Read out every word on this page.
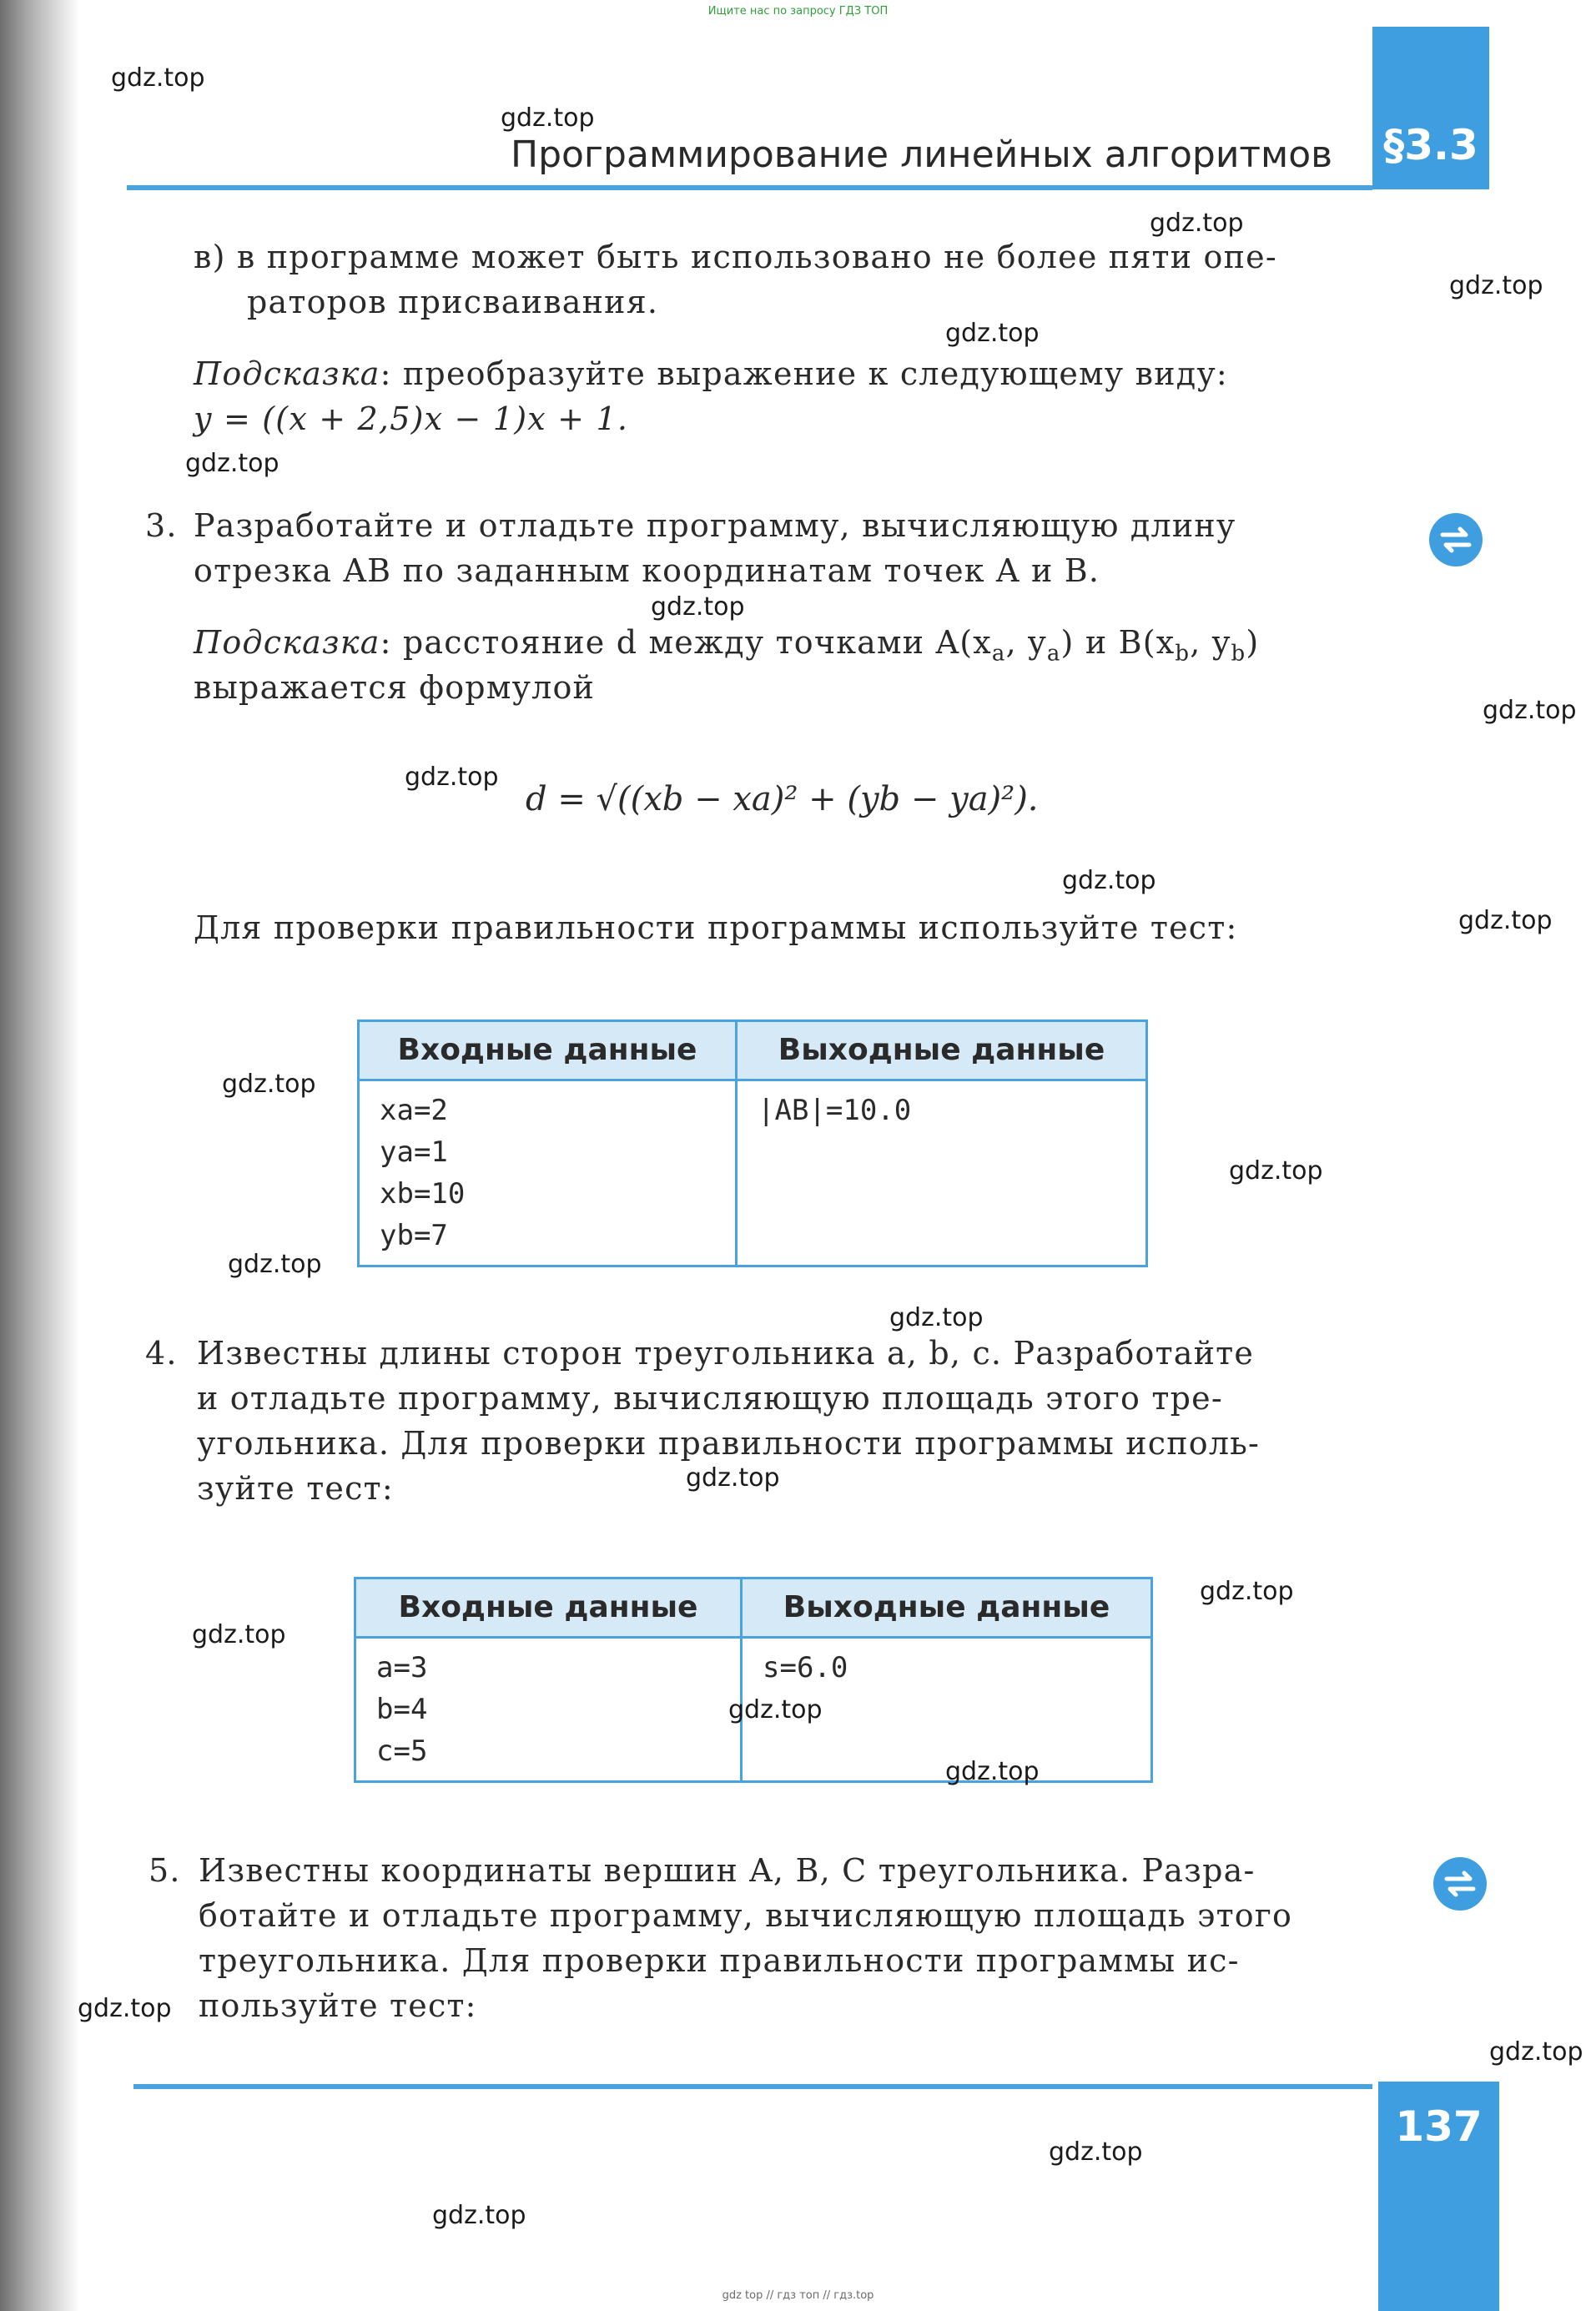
Ищите нас по запросу ГДЗ ТОП
§3.3
Программирование линейных алгоритмов
в) в программе может быть использовано не более пяти опе-
раторов присваивания.
Подсказка: преобразуйте выражение к следующему виду:
y = ((x + 2,5)x − 1)x + 1.
3. Разработайте и отладьте программу, вычисляющую длину
отрезка AB по заданным координатам точек A и B.
Подсказка: расстояние d между точками $A(x_a$, $y_a$) и $B(x_b$, $y_b$)
выражается формулой
d = √((xb − xa)² + (yb − ya)²).
Для проверки правильности программы используйте тест:
Входные данные	Выходные данные
xa=2
ya=1
xb=10
yb=7
|AB|=10.0
4. Известны длины сторон треугольника a, b, c. Разработайте
и отладьте программу, вычисляющую площадь этого тре-
угольника. Для проверки правильности программы исполь-
зуйте тест:
Входные данные	Выходные данные
a=3
b=4
c=5
s=6.0
5. Известны координаты вершин A, B, C треугольника. Разра-
ботайте и отладьте программу, вычисляющую площадь этого
треугольника. Для проверки правильности программы ис-
пользуйте тест:
137
gdz top // гдз топ // гдз.top
gdz.top
gdz.top
gdz.top
gdz.top
gdz.top
gdz.top
gdz.top
gdz.top
gdz.top
gdz.top
gdz.top
gdz.top
gdz.top
gdz.top
gdz.top
gdz.top
gdz.top
gdz.top
gdz.top
gdz.top
gdz.top
gdz.top
gdz.top
gdz.top
